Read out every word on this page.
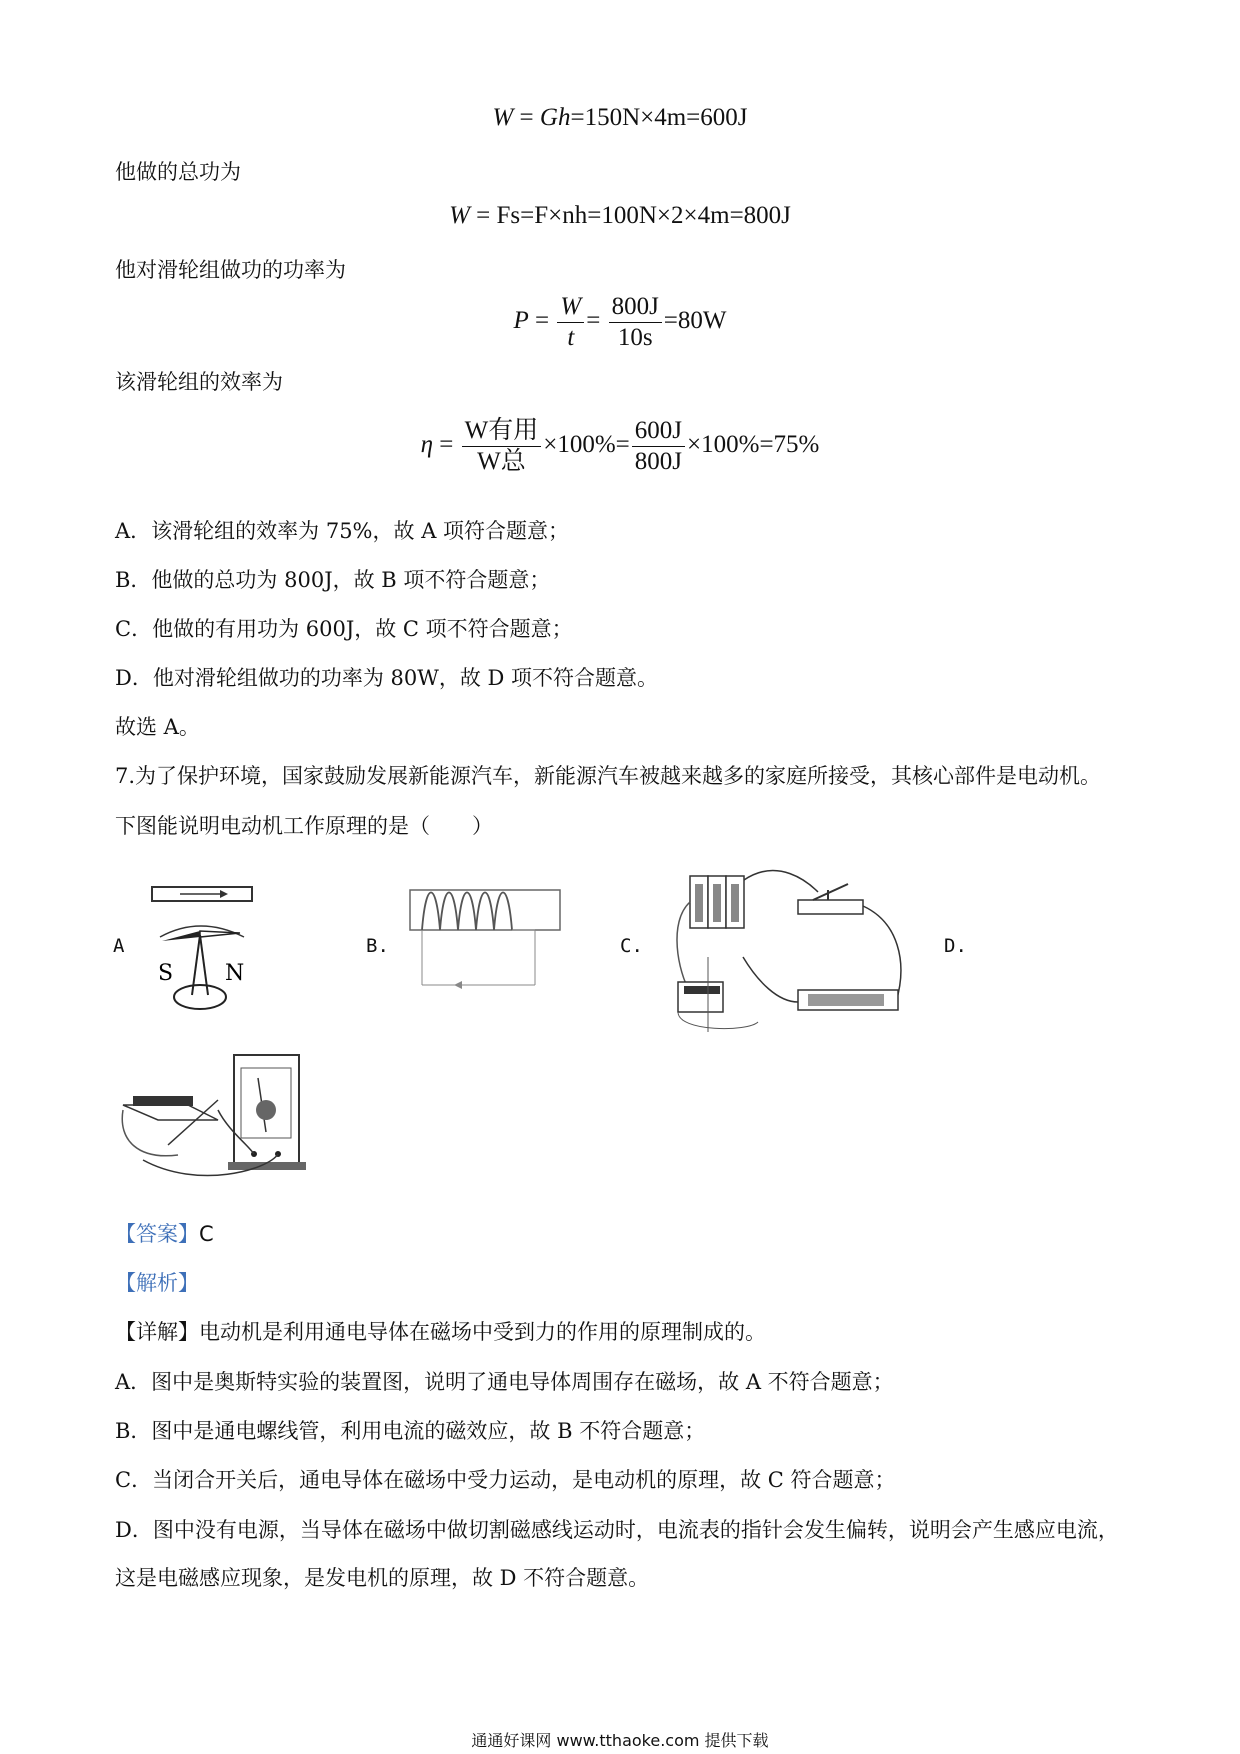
W = Gh=150N×4m=600J
他做的总功为
W = Fs=F×nh=100N×2×4m=800J
他对滑轮组做功的功率为
$P = \frac{W}{t} = \frac{800J}{10s} =80W$
该滑轮组的效率为
$\eta = \frac{\text{W有用}}{\text{W总}} \times 100\%= \frac{600J}{800J} \times 100\%=75\%$
A．该滑轮组的效率为 75%，故 A 项符合题意；
B．他做的总功为 800J，故 B 项不符合题意；
C．他做的有用功为 600J，故 C 项不符合题意；
D．他对滑轮组做功的功率为 80W，故 D 项不符合题意。
故选 A。
7.为了保护环境，国家鼓励发展新能源汽车，新能源汽车被越来越多的家庭所接受，其核心部件是电动机。
下图能说明电动机工作原理的是（　　）
A	B.	C.	D.
S N
【答案】C
【解析】
【详解】电动机是利用通电导体在磁场中受到力的作用的原理制成的。
A．图中是奥斯特实验的装置图，说明了通电导体周围存在磁场，故 A 不符合题意；
B．图中是通电螺线管，利用电流的磁效应，故 B 不符合题意；
C．当闭合开关后，通电导体在磁场中受力运动，是电动机的原理，故 C 符合题意；
D．图中没有电源，当导体在磁场中做切割磁感线运动时，电流表的指针会发生偏转，说明会产生感应电流，
这是电磁感应现象，是发电机的原理，故 D 不符合题意。
通通好课网 www.tthaoke.com 提供下载
